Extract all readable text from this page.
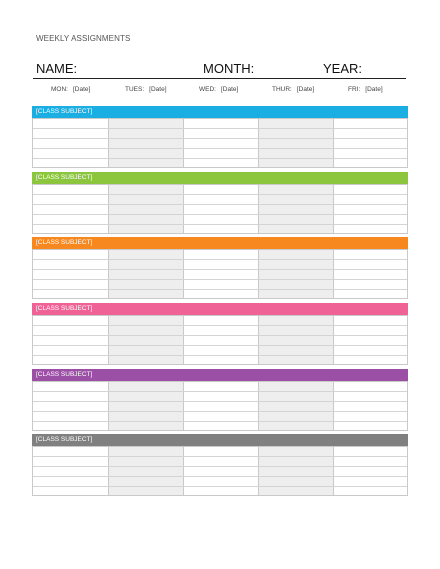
WEEKLY ASSIGNMENTS
NAME:	MONTH:	YEAR:
MON: [Date]	TUES: [Date]	WED: [Date]	THUR: [Date]	FRI: [Date]
[CLASS SUBJECT]
[CLASS SUBJECT]
[CLASS SUBJECT]
[CLASS SUBJECT]
[CLASS SUBJECT]
[CLASS SUBJECT]
